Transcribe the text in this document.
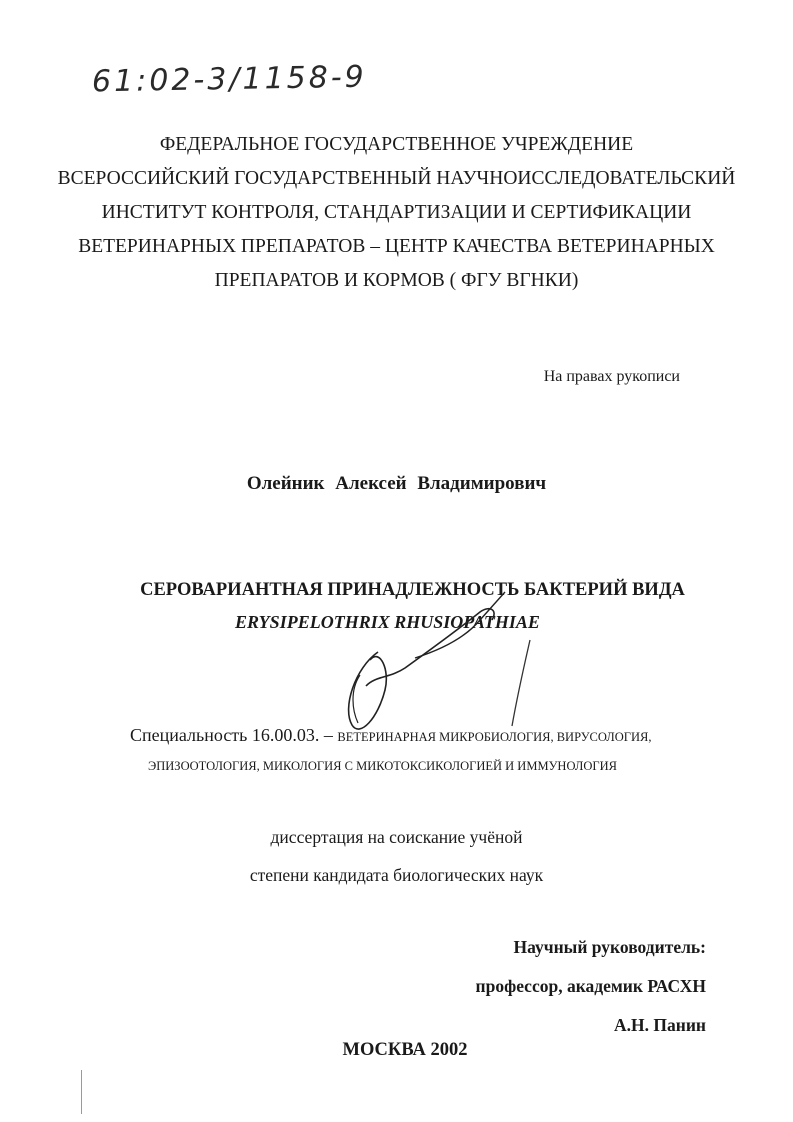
61:02-3/1158-9
ФЕДЕРАЛЬНОЕ ГОСУДАРСТВЕННОЕ УЧРЕЖДЕНИЕ
ВСЕРОССИЙСКИЙ ГОСУДАРСТВЕННЫЙ НАУЧНОИССЛЕДОВАТЕЛЬСКИЙ
ИНСТИТУТ КОНТРОЛЯ, СТАНДАРТИЗАЦИИ И СЕРТИФИКАЦИИ
ВЕТЕРИНАРНЫХ ПРЕПАРАТОВ – ЦЕНТР КАЧЕСТВА ВЕТЕРИНАРНЫХ
ПРЕПАРАТОВ И КОРМОВ ( ФГУ ВГНКИ)
На правах рукописи
Олейник Алексей Владимирович
СЕРОВАРИАНТНАЯ ПРИНАДЛЕЖНОСТЬ БАКТЕРИЙ ВИДА
ERYSIPELOTHRIX RHUSIOPATHIAE
Специальность 16.00.03. – ВЕТЕРИНАРНАЯ МИКРОБИОЛОГИЯ, ВИРУСОЛОГИЯ,
ЭПИЗООТОЛОГИЯ, МИКОЛОГИЯ С МИКОТОКСИКОЛОГИЕЙ И ИММУНОЛОГИЯ
диссертация на соискание учёной
степени кандидата биологических наук
Научный руководитель:
профессор, академик РАСХН
А.Н. Панин
МОСКВА 2002
